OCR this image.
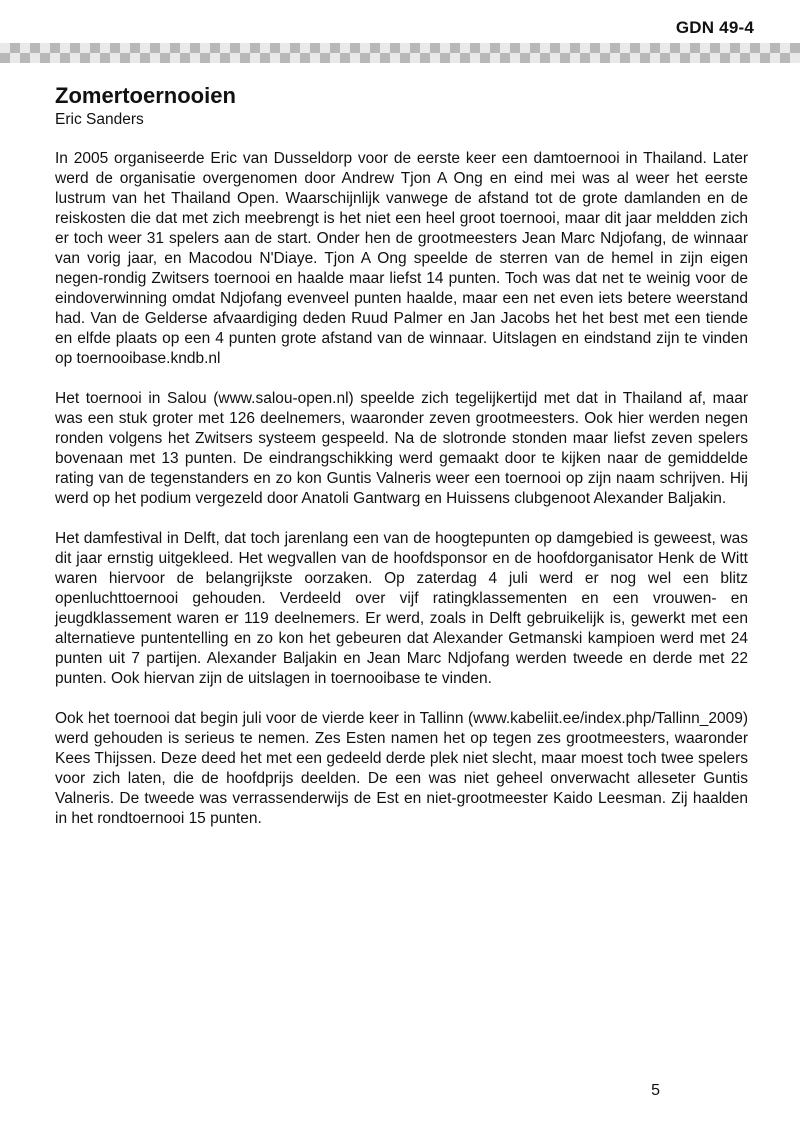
GDN 49-4
Zomertoernooien
Eric Sanders

In 2005 organiseerde Eric van Dusseldorp voor de eerste keer een damtoernooi in Thailand. Later werd de organisatie overgenomen door Andrew Tjon A Ong en eind mei was al weer het eerste lustrum van het Thailand Open. Waarschijnlijk vanwege de afstand tot de grote damlanden en de reiskosten die dat met zich meebrengt is het niet een heel groot toernooi, maar dit jaar meldden zich er toch weer 31 spelers aan de start. Onder hen de grootmeesters Jean Marc Ndjofang, de winnaar van vorig jaar, en Macodou N'Diaye. Tjon A Ong speelde de sterren van de hemel in zijn eigen negen-rondig Zwitsers toernooi en haalde maar liefst 14 punten. Toch was dat net te weinig voor de eindoverwinning omdat Ndjofang evenveel punten haalde, maar een net even iets betere weerstand had. Van de Gelderse afvaardiging deden Ruud Palmer en Jan Jacobs het het best met een tiende en elfde plaats op een 4 punten grote afstand van de winnaar. Uitslagen en eindstand zijn te vinden op toernooibase.kndb.nl

Het toernooi in Salou (www.salou-open.nl) speelde zich tegelijkertijd met dat in Thailand af, maar was een stuk groter met 126 deelnemers, waaronder zeven grootmeesters. Ook hier werden negen ronden volgens het Zwitsers systeem gespeeld. Na de slotronde stonden maar liefst zeven spelers bovenaan met 13 punten. De eindrangschikking werd gemaakt door te kijken naar de gemiddelde rating van de tegenstanders en zo kon Guntis Valneris weer een toernooi op zijn naam schrijven. Hij werd op het podium vergezeld door Anatoli Gantwarg en Huissens clubgenoot Alexander Baljakin.

Het damfestival in Delft, dat toch jarenlang een van de hoogtepunten op damgebied is geweest, was dit jaar ernstig uitgekleed. Het wegvallen van de hoofdsponsor en de hoofdorganisator Henk de Witt waren hiervoor de belangrijkste oorzaken. Op zaterdag 4 juli werd er nog wel een blitz openluchttoernooi gehouden. Verdeeld over vijf ratingklassementen en een vrouwen- en jeugdklassement waren er 119 deelnemers. Er werd, zoals in Delft gebruikelijk is, gewerkt met een alternatieve puntentelling en zo kon het gebeuren dat Alexander Getmanski kampioen werd met 24 punten uit 7 partijen. Alexander Baljakin en Jean Marc Ndjofang werden tweede en derde met 22 punten. Ook hiervan zijn de uitslagen in toernooibase te vinden.

Ook het toernooi dat begin juli voor de vierde keer in Tallinn (www.kabeliit.ee/index.php/Tallinn_2009) werd gehouden is serieus te nemen. Zes Esten namen het op tegen zes grootmeesters, waaronder Kees Thijssen. Deze deed het met een gedeeld derde plek niet slecht, maar moest toch twee spelers voor zich laten, die de hoofdprijs deelden. De een was niet geheel onverwacht alleseter Guntis Valneris. De tweede was verrassenderwijs de Est en niet-grootmeester Kaido Leesman. Zij haalden in het rondtoernooi 15 punten.

5
